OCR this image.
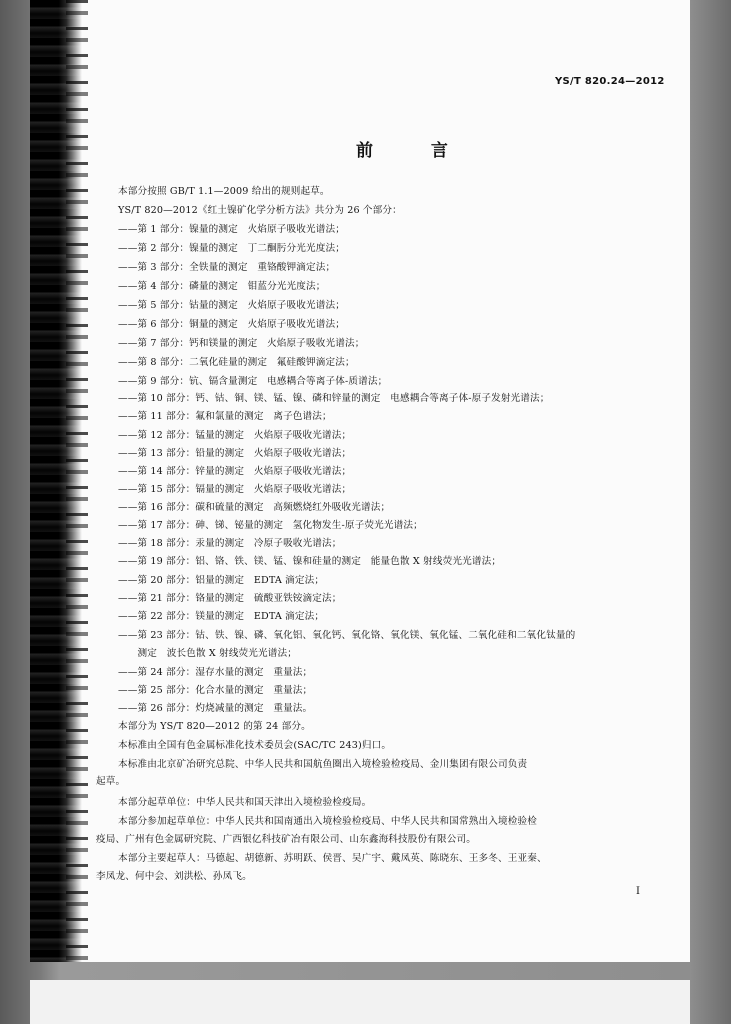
YS/T 820.24—2012
前 言
本部分按照 GB/T 1.1—2009 给出的规则起草。
YS/T 820—2012《红土镍矿化学分析方法》共分为 26 个部分：
——第 1 部分：镍量的测定　火焰原子吸收光谱法；
——第 2 部分：镍量的测定　丁二酮肟分光光度法；
——第 3 部分：全铁量的测定　重铬酸钾滴定法；
——第 4 部分：磷量的测定　钼蓝分光光度法；
——第 5 部分：钴量的测定　火焰原子吸收光谱法；
——第 6 部分：铜量的测定　火焰原子吸收光谱法；
——第 7 部分：钙和镁量的测定　火焰原子吸收光谱法；
——第 8 部分：二氧化硅量的测定　氟硅酸钾滴定法；
——第 9 部分：钪、镉含量测定　电感耦合等离子体-质谱法；
——第 10 部分：钙、钴、铜、镁、锰、镍、磷和锌量的测定　电感耦合等离子体-原子发射光谱法；
——第 11 部分：氟和氯量的测定　离子色谱法；
——第 12 部分：锰量的测定　火焰原子吸收光谱法；
——第 13 部分：铅量的测定　火焰原子吸收光谱法；
——第 14 部分：锌量的测定　火焰原子吸收光谱法；
——第 15 部分：镉量的测定　火焰原子吸收光谱法；
——第 16 部分：碳和硫量的测定　高频燃烧红外吸收光谱法；
——第 17 部分：砷、锑、铋量的测定　氢化物发生-原子荧光光谱法；
——第 18 部分：汞量的测定　冷原子吸收光谱法；
——第 19 部分：铝、铬、铁、镁、锰、镍和硅量的测定　能量色散 X 射线荧光光谱法；
——第 20 部分：铝量的测定　EDTA 滴定法；
——第 21 部分：铬量的测定　硫酸亚铁铵滴定法；
——第 22 部分：镁量的测定　EDTA 滴定法；
——第 23 部分：钴、铁、镍、磷、氧化铝、氧化钙、氧化铬、氧化镁、氧化锰、二氧化硅和二氧化钛量的
　　测定　波长色散 X 射线荧光光谱法；
——第 24 部分：湿存水量的测定　重量法；
——第 25 部分：化合水量的测定　重量法；
——第 26 部分：灼烧减量的测定　重量法。
本部分为 YS/T 820—2012 的第 24 部分。
本标准由全国有色金属标准化技术委员会(SAC/TC 243)归口。
本标准由北京矿冶研究总院、中华人民共和国航鱼圈出入境检验检疫局、金川集团有限公司负责
起草。
本部分起草单位：中华人民共和国天津出入境检验检疫局。
本部分参加起草单位：中华人民共和国南通出入境检验检疫局、中华人民共和国常熟出入境检验检
疫局、广州有色金属研究院、广西银亿科技矿冶有限公司、山东鑫海科技股份有限公司。
本部分主要起草人：马德起、胡德新、苏明跃、侯晋、吴广宇、戴凤英、陈晓东、王多冬、王亚秦、
李凤龙、何中会、刘洪松、孙凤飞。
I
